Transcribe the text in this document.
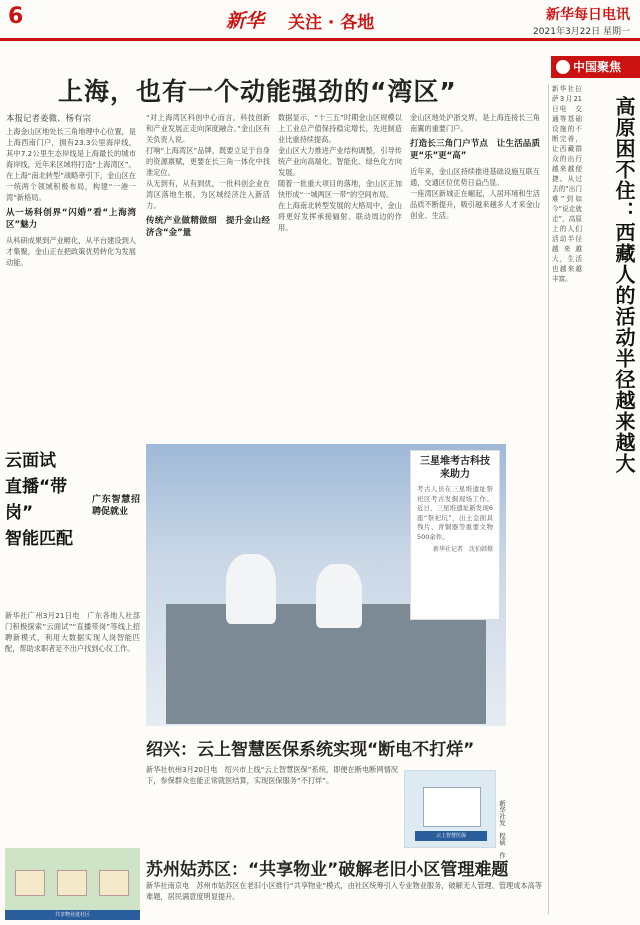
6	新华 关注 · 各地	新华每日电讯
2021年3月22日 星期一
上海，也有一个动能强劲的“湾区”
本报记者姜微、杨有宗

上海金山区地处长三角地理中心位置，是上海西南门户，拥有23.3公里海岸线，其中7.2公里生态岸线是上海最长的城市海岸线，近年来区域将打造“上海湾区”。

在上海“南北转型”战略牵引下，金山区在一统两个领域积极布局，构建“一港一湾”新格局。

从一场科创界“闪婚”看“上海湾区”魅力

从科研成果到产业孵化，从平台建设到人才集聚，金山正在把政策优势转化为发展动能。

“对上海湾区科创中心而言，科技创新和产业发展正走向深度融合。”金山区有关负责人说。

打响“上海湾区”品牌，既要立足于自身的资源禀赋，更要在长三角一体化中找准定位。

从无到有，从有到优，一批科创企业在湾区落地生根，为区域经济注入新活力。

传统产业做精做细　提升金山经济含“金”量

数据显示，“十三五”时期金山区规模以上工业总产值保持稳定增长，先进制造业比重持续提高。

金山区大力推进产业结构调整，引导传统产业向高端化、智能化、绿色化方向发展。

随着一批重大项目的落地，金山区正加快形成“一城两区一带”的空间布局。

在上海南北转型发展的大格局中，金山将更好发挥承接辐射、联动周边的作用。

金山区地处沪浙交界，是上海连接长三角南翼的重要门户。

打造长三角门户节点　让生活品质更“乐”更“高”

近年来，金山区持续推进基础设施互联互通，交通区位优势日益凸显。

一座湾区新城正在崛起，人居环境和生活品质不断提升，吸引越来越多人才来金山创业、生活。

云面试
直播“带岗”
智能匹配
广东智慧招聘促就业
新华社广州3月21日电　广东各地人社部门积极探索“云面试”“直播带岗”等线上招聘新模式，利用大数据实现人岗智能匹配，帮助求职者足不出户找到心仪工作。
三星堆考古科技来助力
考古人员在三星堆遗址祭祀区考古发掘现场工作。近日，三星堆遗址新发现6座“祭祀坑”，出土金面具残片、青铜器等重要文物500余件。
新华社记者　沈伯韩摄
绍兴：云上智慧医保系统实现“断电不打烊”
新华社杭州3月20日电　绍兴市上线“云上智慧医保”系统，即便在断电断网情况下，参保群众也能正常就医结算，实现医保服务“不打烊”。
云上智慧医保	新华社发　程硕　作
苏州姑苏区：“共享物业”破解老旧小区管理难题
新华社南京电　苏州市姑苏区在老旧小区推行“共享物业”模式，由社区统筹引入专业物业服务，破解无人管理、管理成本高等难题，居民满意度明显提升。
共享物业进社区
中国聚焦
高原困不住：西藏人的活动半径越来越大
新华社拉萨3月21日电　交通等基础设施的不断完善，让西藏群众的出行越来越便捷。从过去的“出门难”到如今“说走就走”，高原上的人们活动半径越来越大，生活也越来越丰富。
